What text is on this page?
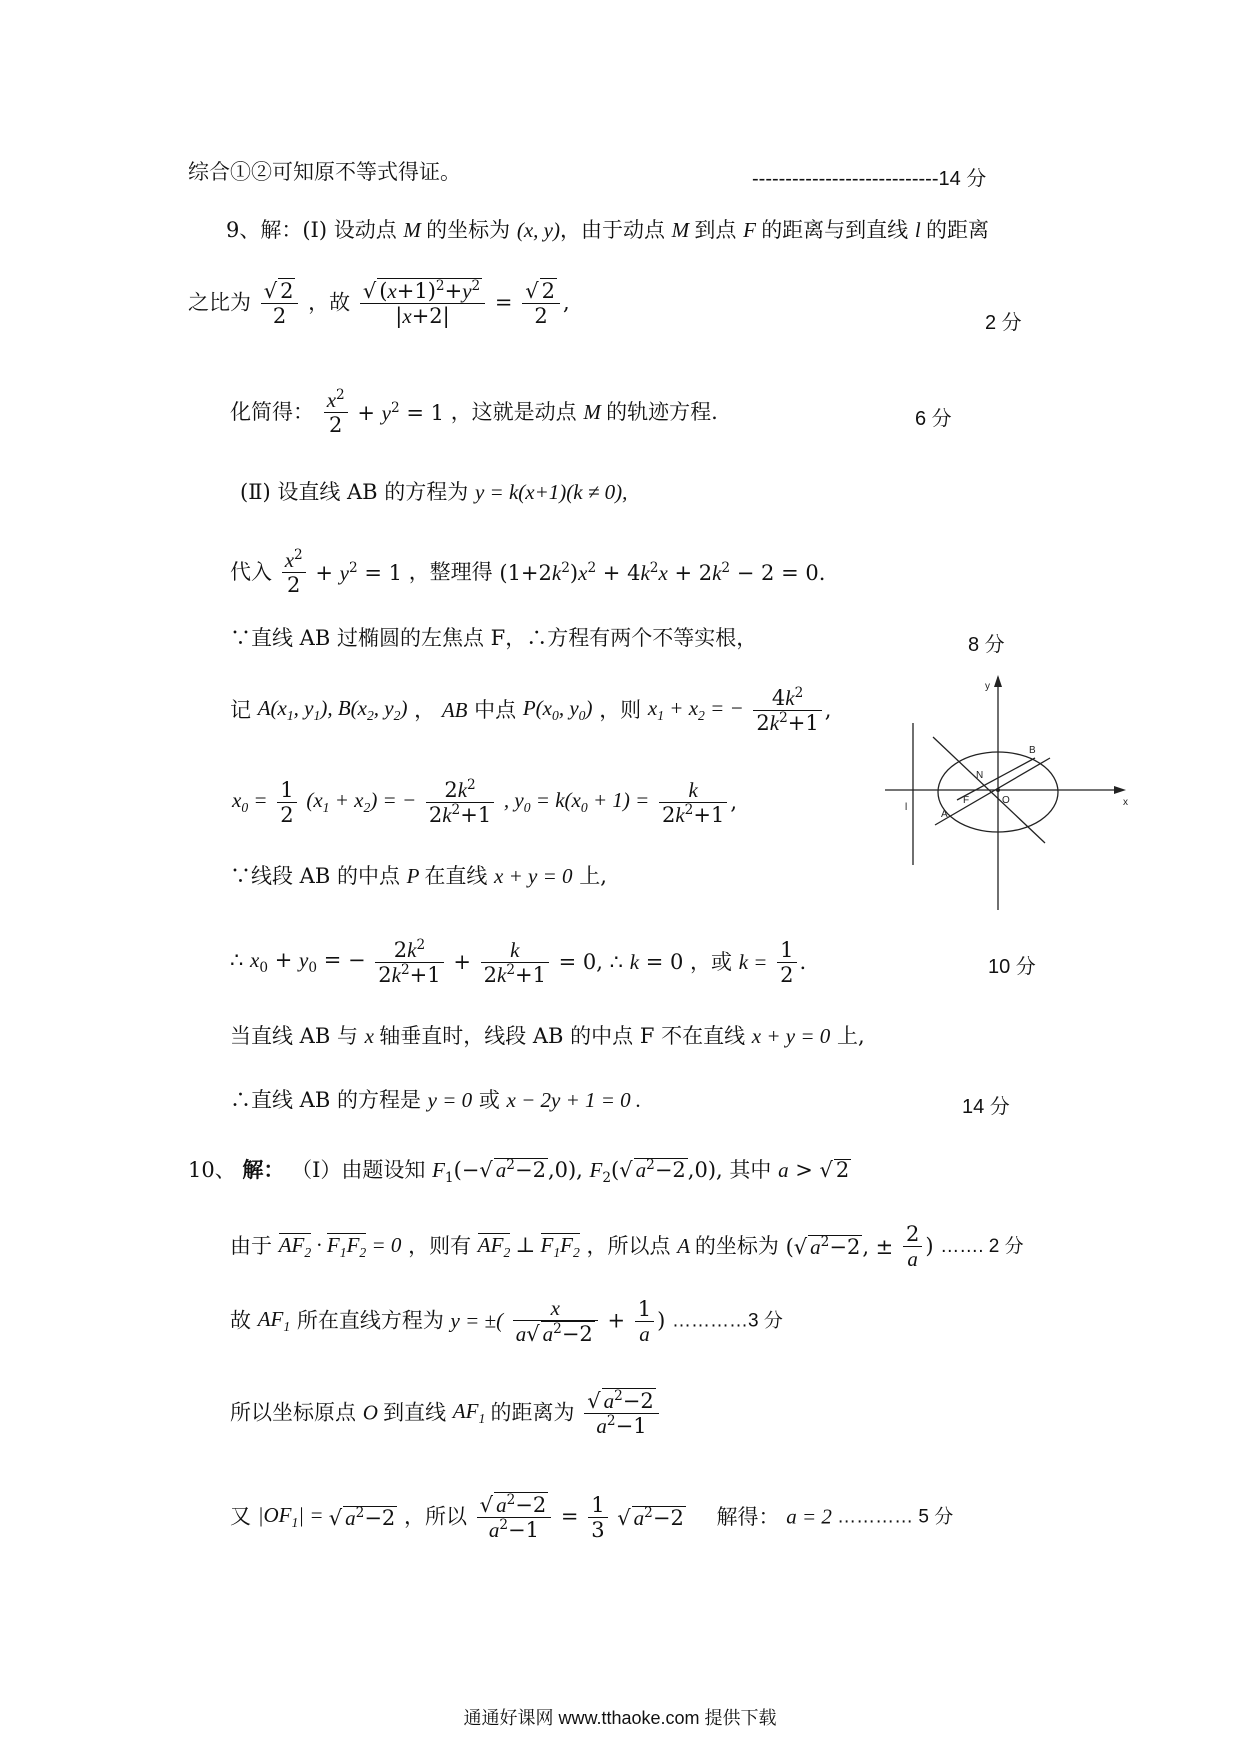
综合①②可知原不等式得证。	----------------------------14 分
9、解：(Ⅰ) 设动点 M 的坐标为 (x, y)，由于动点 M 到点 F 的距离与到直线 l 的距离
之比为 $\frac{√ 2}{2}$ ，故 $\frac{√ (x+1)^2+y^2}{|x+2|} = \frac{√ 2}{2}$ ,
2 分
化简得： $\frac{x^2}{2} + y^2 = 1$ ，这就是动点 M 的轨迹方程.	6 分
(Ⅱ) 设直线 AB 的方程为 y = k(x+1)(k ≠ 0),
代入 $\frac{x^2}{2} + y^2 = 1$ ，整理得 $(1+2k^2)x^2 + 4k^2x + 2k^2 - 2 = 0$.
∵直线 AB 过椭圆的左焦点 F，∴方程有两个不等实根，	8 分
记 $A(x_1$, $y_1$), $B(x_2$, $y_2$) ， AB 中点 $P(x_0$, $y_0$) ，则 $x_1 + x_2$ = − $\frac{4k^2}{2k^2+1}$ ,
$x_0 = \frac{1}{2} (x_1 + x_2)$ = − $\frac{2k^2}{2k^2+1}$ , $y_0 = k(x_0 + 1) = \frac{k}{2k^2+1}$ ,
∵线段 AB 的中点 P 在直线 x + y = 0 上,
∴ $x_0 + y_0$ = − $\frac{2k^2}{2k^2+1} + \frac{k}{2k^2+1} = 0$, ∴ k = 0 ，或 $k = \frac{1}{2}$ .	10 分
当直线 AB 与 x 轴垂直时，线段 AB 的中点 F 不在直线 x + y = 0 上,
∴直线 AB 的方程是 y = 0 或 x − 2y + 1 = 0 .	14 分
10、 解： （Ⅰ）由题设知 $F_1(-√$ $a^2-2,0$), $F_2(√$ $a^2-2,0$), 其中 a > √ 2
由于 $AF_2 \cdot F_1F_2 = 0$ ，则有 $AF_2$ ⊥ $F_1F_2$ ，所以点 A 的坐标为 (√ $a^2-2$, ± $\frac{2}{a}$ ) ……. 2 分
故 $AF_1$ 所在直线方程为 y = ±( $\frac{x}{a√ a^2-2} + \frac{1}{a}$ ) …………3 分
所以坐标原点 O 到直线 $AF_1$ 的距离为 $\frac{√ a^2-2}{a^2-1}$
又 $|OF_1|$ = √ $a^2-2$ ，所以 $\frac{√ a^2-2}{a^2-1} = \frac{1}{3}$ √ $a^2-2$ 解得： a = 2 ………… 5 分
y
x
B
N
F	O
A
l
通通好课网 www.tthaoke.com 提供下载
